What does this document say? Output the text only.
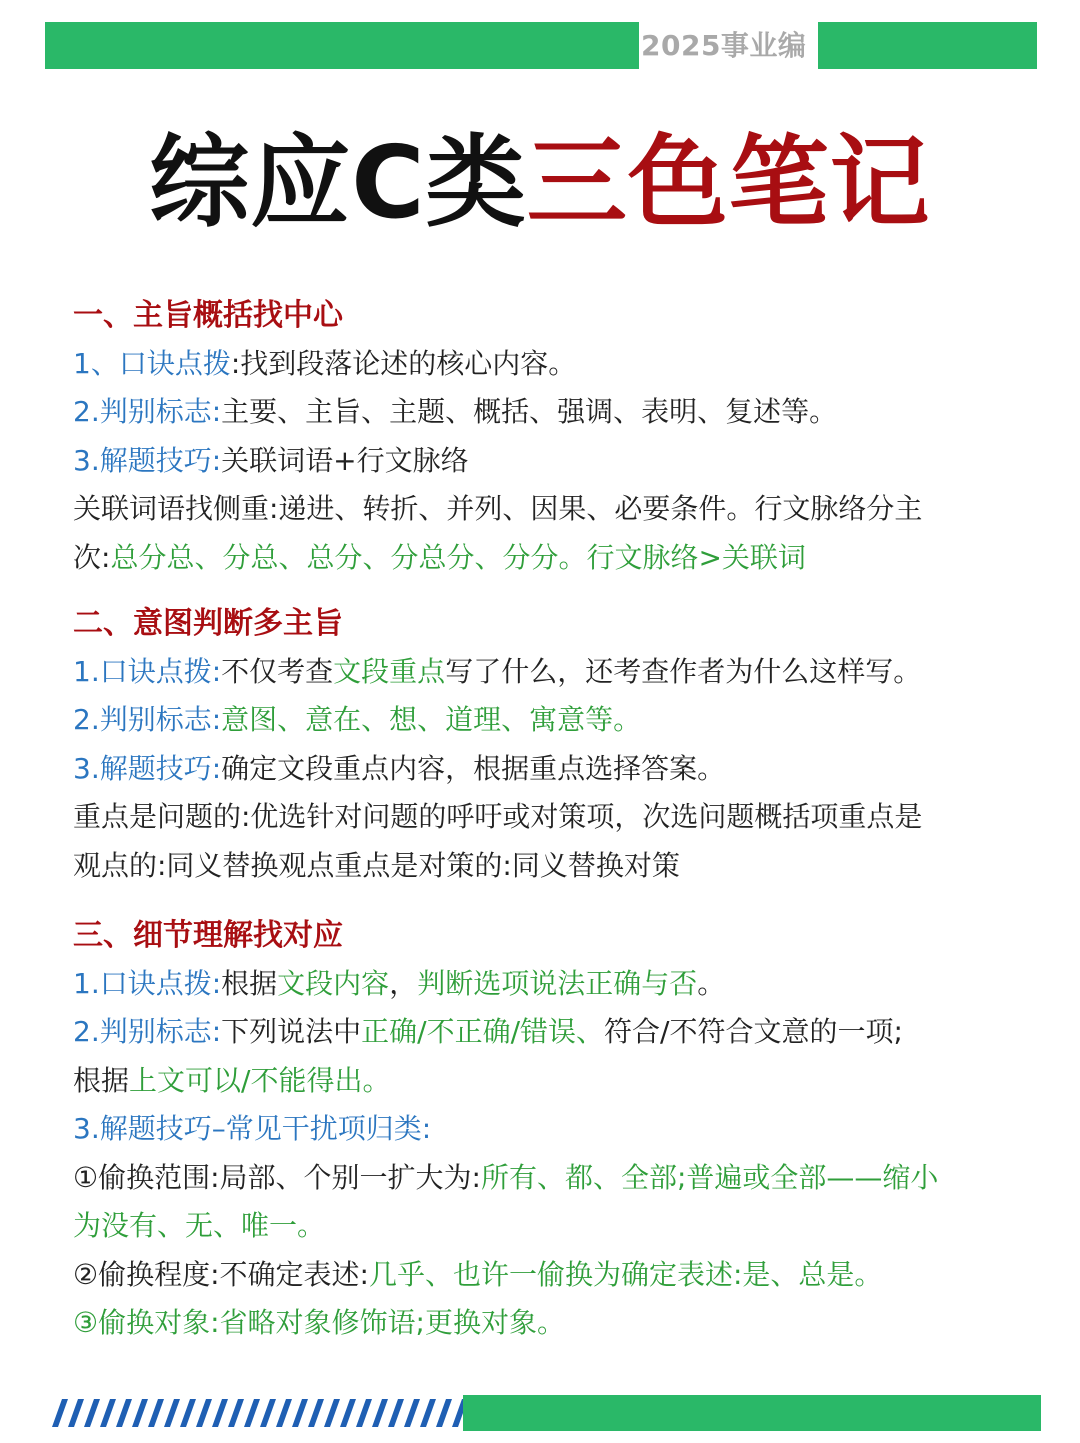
2025事业编
综应C类三色笔记
一、主旨概括找中心
1、口诀点拨:找到段落论述的核心内容。
2.判别标志:主要、主旨、主题、概括、强调、表明、复述等。
3.解题技巧:关联词语+行文脉络
关联词语找侧重:递进、转折、并列、因果、必要条件。行文脉络分主
次:总分总、分总、总分、分总分、分分。行文脉络>关联词
二、意图判断多主旨
1.口诀点拨:不仅考查文段重点写了什么，还考查作者为什么这样写。
2.判别标志:意图、意在、想、道理、寓意等。
3.解题技巧:确定文段重点内容，根据重点选择答案。
重点是问题的:优选针对问题的呼吁或对策项，次选问题概括项重点是
观点的:同义替换观点重点是对策的:同义替换对策
三、细节理解找对应
1.口诀点拨:根据文段内容，判断选项说法正确与否。
2.判别标志:下列说法中正确/不正确/错误、符合/不符合文意的一项;
根据上文可以/不能得出。
3.解题技巧–常见干扰项归类:
①偷换范围:局部、个别一扩大为:所有、都、全部;普遍或全部——缩小
为没有、无、唯一。
②偷换程度:不确定表述:几乎、也许一偷换为确定表述:是、总是。
③偷换对象:省略对象修饰语;更换对象。
